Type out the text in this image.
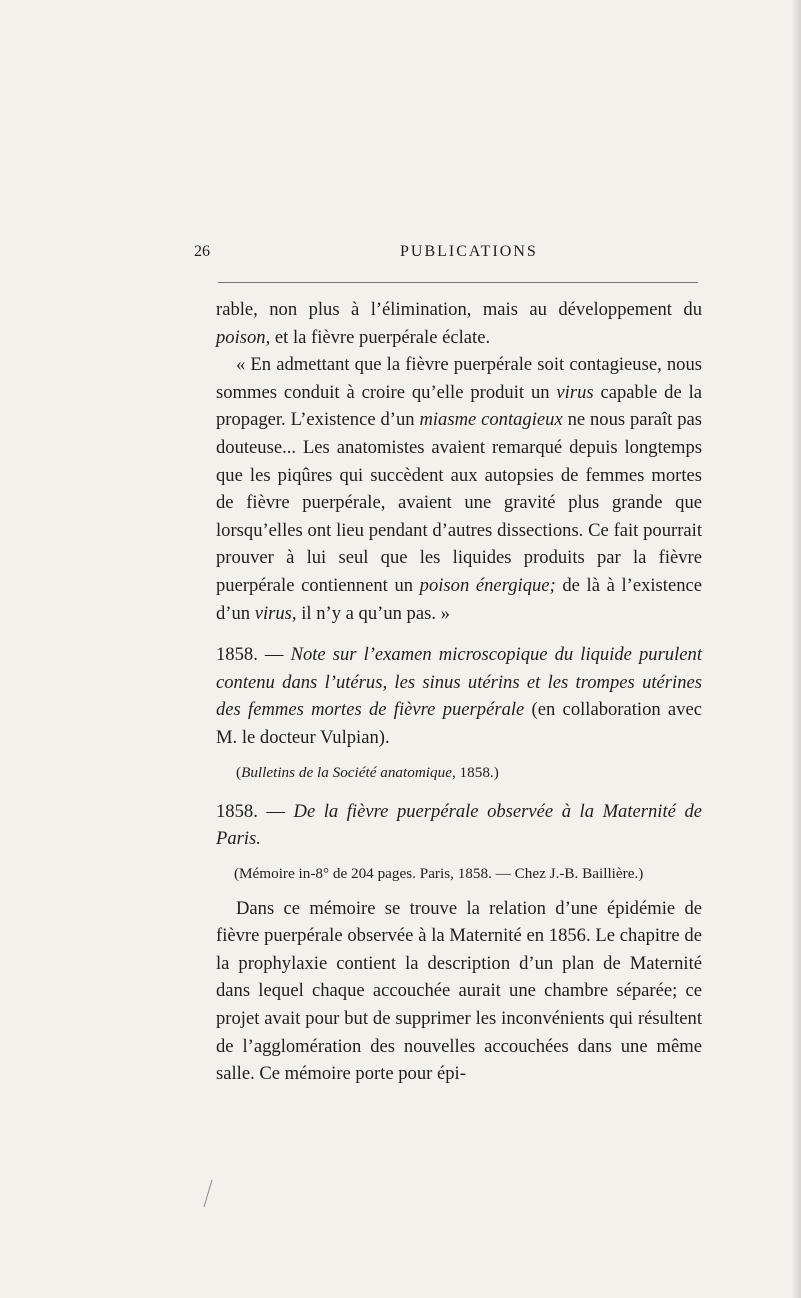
26	PUBLICATIONS

rable, non plus à l’élimination, mais au développement du poison, et la fièvre puerpérale éclate.

« En admettant que la fièvre puerpérale soit contagieuse, nous sommes conduit à croire qu’elle produit un virus capable de la propager. L’existence d’un miasme contagieux ne nous paraît pas douteuse... Les anatomistes avaient remarqué depuis longtemps que les piqûres qui succèdent aux autopsies de femmes mortes de fièvre puerpérale, avaient une gravité plus grande que lorsqu’elles ont lieu pendant d’autres dissections. Ce fait pourrait prouver à lui seul que les liquides produits par la fièvre puerpérale contiennent un poison énergique; de là à l’existence d’un virus, il n’y a qu’un pas. »

1858. — Note sur l’examen microscopique du liquide purulent contenu dans l’utérus, les sinus utérins et les trompes utérines des femmes mortes de fièvre puerpérale (en collaboration avec M. le docteur Vulpian).

(Bulletins de la Société anatomique, 1858.)

1858. — De la fièvre puerpérale observée à la Maternité de Paris.

(Mémoire in-8° de 204 pages. Paris, 1858. — Chez J.-B. Baillière.)

Dans ce mémoire se trouve la relation d’une épidémie de fièvre puerpérale observée à la Maternité en 1856. Le chapitre de la prophylaxie contient la description d’un plan de Maternité dans lequel chaque accouchée aurait une chambre séparée; ce projet avait pour but de supprimer les inconvénients qui résultent de l’agglomération des nouvelles accouchées dans une même salle. Ce mémoire porte pour épi-
